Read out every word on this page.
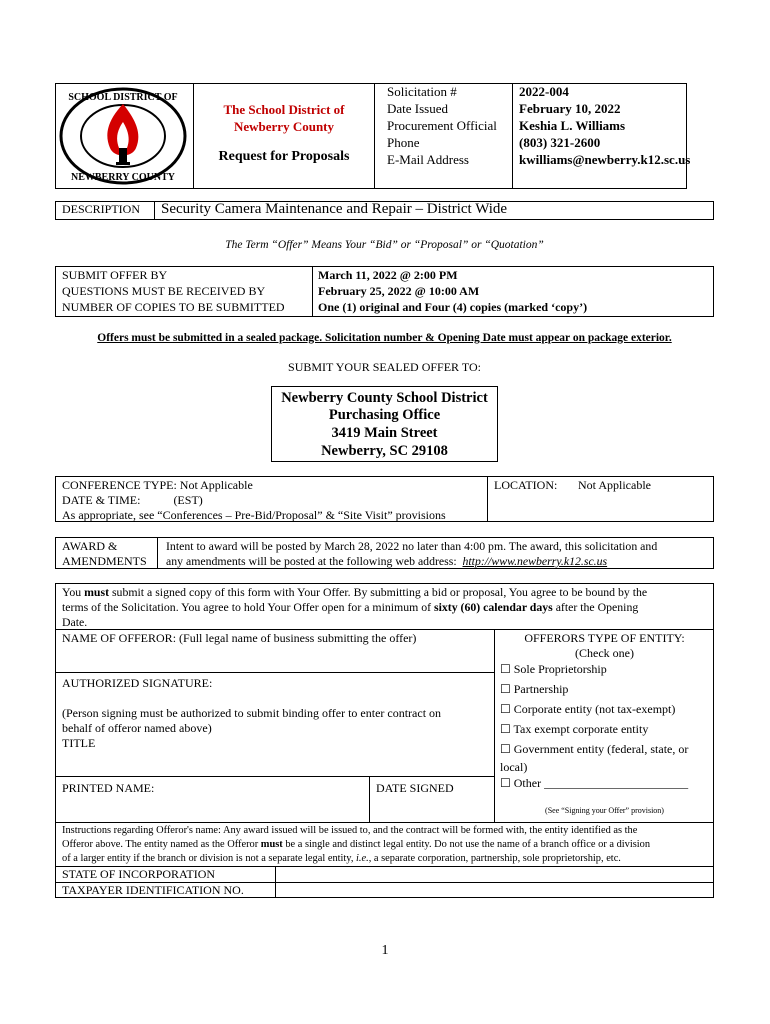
SCHOOL DISTRICT OF
NEWBERRY COUNTY
The School District of
Newberry County
Request for Proposals
Solicitation #
Date Issued
Procurement Official
Phone
E-Mail Address
2022-004
February 10, 2022
Keshia L. Williams
(803) 321-2600
kwilliams@newberry.k12.sc.us
DESCRIPTION Security Camera Maintenance and Repair – District Wide
The Term “Offer” Means Your “Bid” or “Proposal” or “Quotation”
SUBMIT OFFER BY
QUESTIONS MUST BE RECEIVED BY
NUMBER OF COPIES TO BE SUBMITTED
March 11, 2022 @ 2:00 PM
February 25, 2022 @ 10:00 AM
One (1) original and Four (4) copies (marked ‘copy’)
Offers must be submitted in a sealed package. Solicitation number & Opening Date must appear on package exterior.
SUBMIT YOUR SEALED OFFER TO:
Newberry County School District
Purchasing Office
3419 Main Street
Newberry, SC 29108
CONFERENCE TYPE: Not Applicable
DATE & TIME:           (EST)
As appropriate, see “Conferences – Pre-Bid/Proposal” & “Site Visit” provisions
LOCATION: Not Applicable
AWARD &
AMENDMENTS
Intent to award will be posted by March 28, 2022 no later than 4:00 pm. The award, this solicitation and
any amendments will be posted at the following web address:  http://www.newberry.k12.sc.us
You must submit a signed copy of this form with Your Offer. By submitting a bid or proposal, You agree to be bound by the
terms of the Solicitation. You agree to hold Your Offer open for a minimum of sixty (60) calendar days after the Opening
Date.
NAME OF OFFEROR: (Full legal name of business submitting the offer)
AUTHORIZED SIGNATURE:
(Person signing must be authorized to submit binding offer to enter contract on
behalf of offeror named above)
TITLE
PRINTED NAME:	DATE SIGNED
OFFERORS TYPE OF ENTITY:
(Check one)
☐ Sole Proprietorship
☐ Partnership
☐ Corporate entity (not tax-exempt)
☐ Tax exempt corporate entity
☐ Government entity (federal, state, or
local)
☐ Other ________________________
(See “Signing your Offer” provision)
Instructions regarding Offeror's name: Any award issued will be issued to, and the contract will be formed with, the entity identified as the
Offeror above. The entity named as the Offeror must be a single and distinct legal entity. Do not use the name of a branch office or a division
of a larger entity if the branch or division is not a separate legal entity, i.e., a separate corporation, partnership, sole proprietorship, etc.
STATE OF INCORPORATION
TAXPAYER IDENTIFICATION NO.
1
